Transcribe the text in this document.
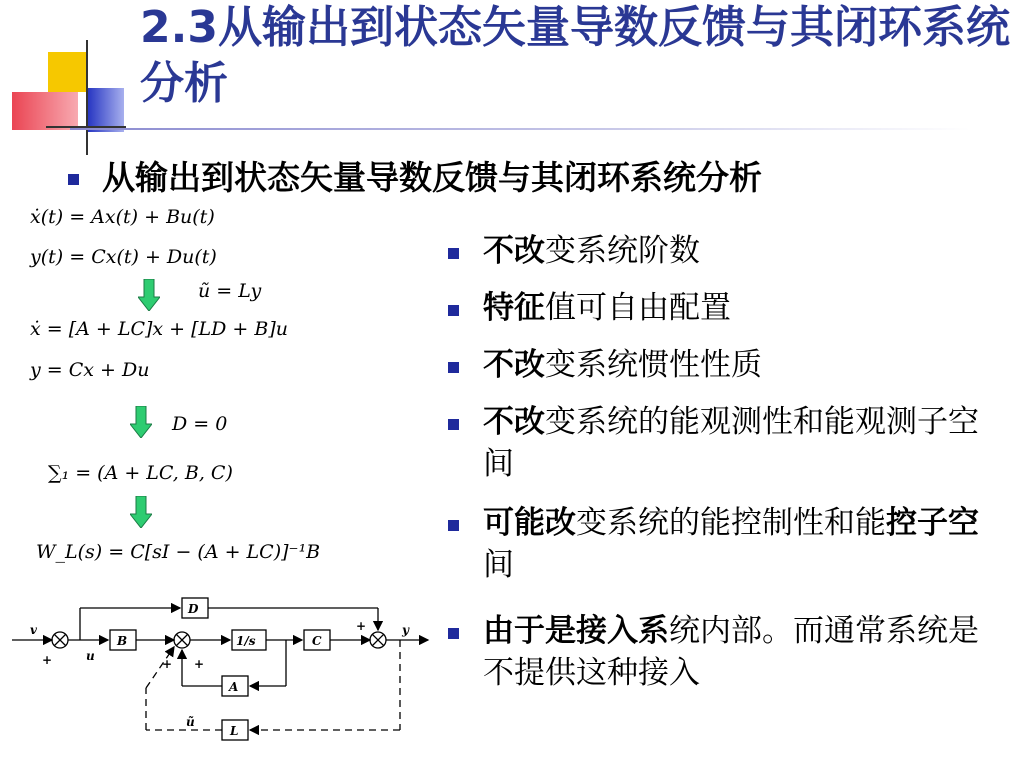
2.3从输出到状态矢量导数反馈与其闭环系统分析
从输出到状态矢量导数反馈与其闭环系统分析
ẋ(t) = Ax(t) + Bu(t)
y(t) = Cx(t) + Du(t)
ũ = Ly
ẋ = [A + LC]x + [LD + B]u
y = Cx + Du
D = 0
∑₁ = (A + LC, B, C)
W_L(s) = C[sI − (A + LC)]⁻¹B
D
B	1/s	C
A
L
v
u
y
ũ
+	+ +
+
不改变系统阶数
特征值可自由配置
不改变系统惯性性质
不改变系统的能观测性和能观测子空间
可能改变系统的能控制性和能控子空间
由于是接入系统内部。而通常系统是不提供这种接入
